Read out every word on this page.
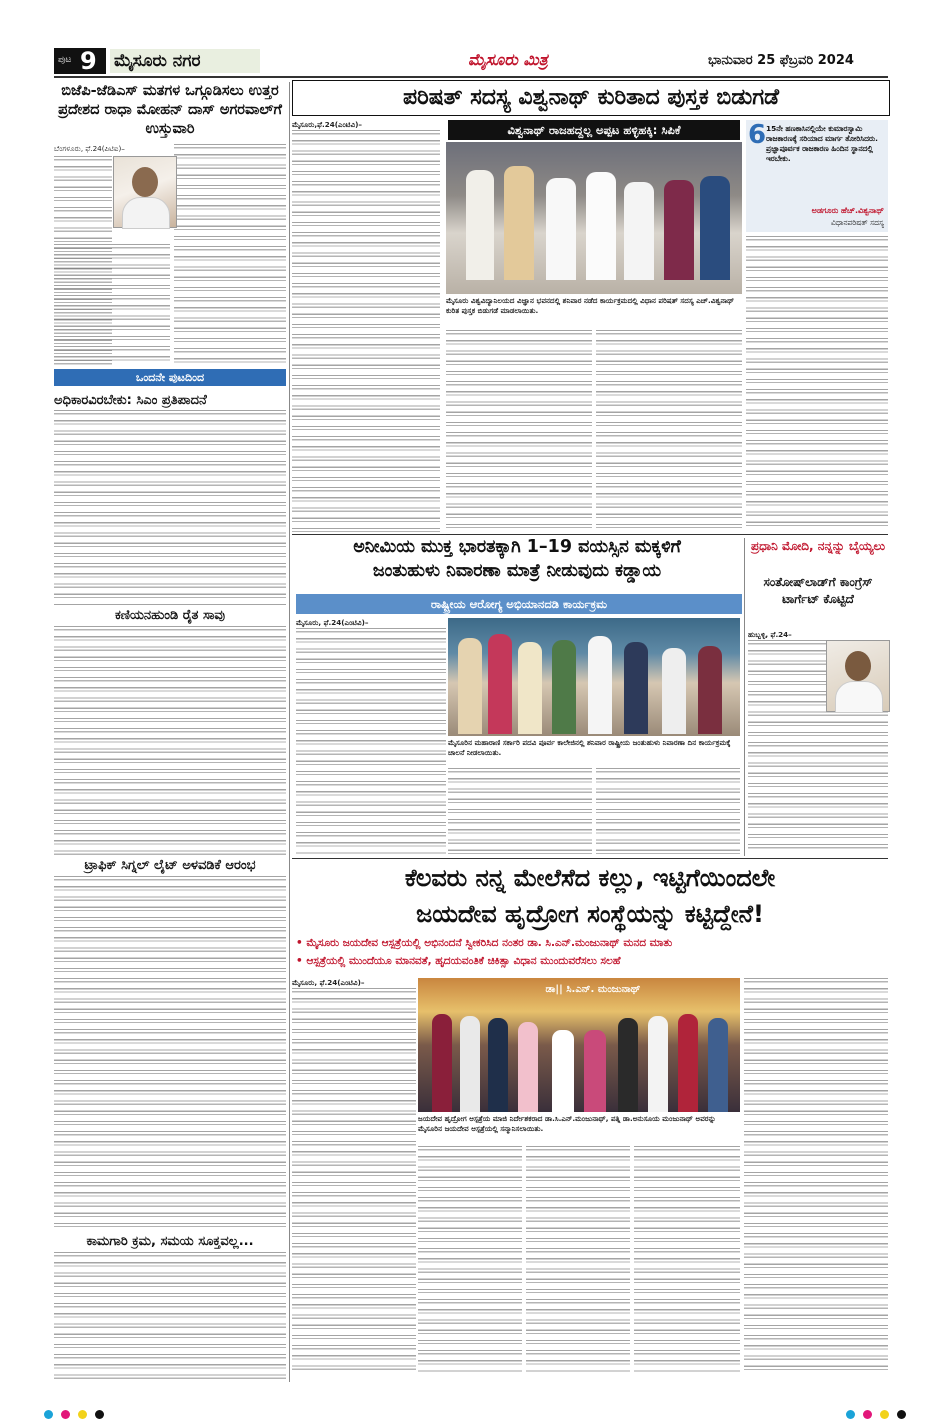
ಪುಟ 9 ಮೈಸೂರು ನಗರ	ಮೈಸೂರು ಮಿತ್ರ	ಭಾನುವಾರ 25 ಫೆಬ್ರವರಿ 2024
ಬಿಜೆಪಿ-ಜೆಡಿಎಸ್ ಮತಗಳ ಒಗ್ಗೂಡಿಸಲು ಉತ್ತರ ಪ್ರದೇಶದ ರಾಧಾ ಮೋಹನ್ ದಾಸ್ ಅಗರವಾಲ್‌ಗೆ ಉಸ್ತುವಾರಿ
ಬೆಂಗಳೂರು, ಫೆ.24(ಪಿಟಿಐ)–
ಒಂದನೇ ಪುಟದಿಂದ
ಅಧಿಕಾರವಿರಬೇಕು: ಸಿಎಂ ಪ್ರತಿಪಾದನೆ
ಕಣಿಯನಹುಂಡಿ ರೈತ ಸಾವು
ಟ್ರಾಫಿಕ್ ಸಿಗ್ನಲ್ ಲೈಟ್ ಅಳವಡಿಕೆ ಆರಂಭ
ಕಾಮಗಾರಿ ಕ್ರಮ, ಸಮಯ ಸೂಕ್ತವಲ್ಲ...
ಪರಿಷತ್ ಸದಸ್ಯ ವಿಶ್ವನಾಥ್ ಕುರಿತಾದ ಪುಸ್ತಕ ಬಿಡುಗಡೆ
ಮೈಸೂರು,ಫೆ.24(ಎಂಟಿವಿ)–	ವಿಶ್ವನಾಥ್ ರಾಜಹದ್ದಲ್ಲ ಅಪ್ಪಟ ಹಳ್ಳಿಹಕ್ಕಿ: ಸಿಪಿಕೆ
ಮೈಸೂರು ವಿಶ್ವವಿದ್ಯಾನಿಲಯದ ವಿಜ್ಞಾನ ಭವನದಲ್ಲಿ ಶನಿವಾರ ನಡೆದ ಕಾರ್ಯಕ್ರಮದಲ್ಲಿ ವಿಧಾನ ಪರಿಷತ್ ಸದಸ್ಯ ಎಚ್.ವಿಶ್ವನಾಥ್ ಕುರಿತ ಪುಸ್ತಕ ಬಿಡುಗಡೆ ಮಾಡಲಾಯಿತು.
6 15ನೇ ಹಣಕಾಸಿನಲ್ಲಿಯೇ ಕುಮಾರಸ್ವಾಮಿ ರಾಜಕಾರಣಕ್ಕೆ ಸರಿಯಾದ ಮಾರ್ಗ ತೋರಿಸಿದರು. ಪ್ರಜ್ಞಾಪೂರ್ವಕ ರಾಜಕಾರಣ ಹಿಂದಿನ ಸ್ಥಾನದಲ್ಲಿ ಇರಬೇಕು.
ಅಡಗೂರು ಹೆಚ್.ವಿಶ್ವನಾಥ್
ವಿಧಾನಪರಿಷತ್ ಸದಸ್ಯ
ಅನೀಮಿಯ ಮುಕ್ತ ಭಾರತಕ್ಕಾಗಿ 1–19 ವಯಸ್ಸಿನ ಮಕ್ಕಳಿಗೆ
ಜಂತುಹುಳು ನಿವಾರಣಾ ಮಾತ್ರೆ ನೀಡುವುದು ಕಡ್ಡಾಯ
ರಾಷ್ಟ್ರೀಯ ಆರೋಗ್ಯ ಅಭಿಯಾನದಡಿ ಕಾರ್ಯಕ್ರಮ
ಮೈಸೂರು, ಫೆ.24(ಎಂಟಿವಿ)–
ಮೈಸೂರಿನ ಮಹಾರಾಣಿ ಸರ್ಕಾರಿ ಪದವಿ ಪೂರ್ವ ಕಾಲೇಜಿನಲ್ಲಿ ಶನಿವಾರ ರಾಷ್ಟ್ರೀಯ ಜಂತುಹುಳು ನಿವಾರಣಾ ದಿನ ಕಾರ್ಯಕ್ರಮಕ್ಕೆ ಚಾಲನೆ ನೀಡಲಾಯಿತು.
ಪ್ರಧಾನಿ ಮೋದಿ, ನನ್ನನ್ನು ಬೈಯ್ಯಲು
ಸಂತೋಷ್‌ಲಾಡ್‌ಗೆ ಕಾಂಗ್ರೆಸ್ ಟಾರ್ಗೆಟ್ ಕೊಟ್ಟಿದೆ
ಹುಬ್ಬಳ್ಳಿ, ಫೆ.24–
ಕೆಲವರು ನನ್ನ ಮೇಲೆಸೆದ ಕಲ್ಲು, ಇಟ್ಟಿಗೆಯಿಂದಲೇ
ಜಯದೇವ ಹೃದ್ರೋಗ ಸಂಸ್ಥೆಯನ್ನು ಕಟ್ಟಿದ್ದೇನೆ!
• ಮೈಸೂರು ಜಯದೇವ ಆಸ್ಪತ್ರೆಯಲ್ಲಿ ಅಭಿನಂದನೆ ಸ್ವೀಕರಿಸಿದ ನಂತರ ಡಾ. ಸಿ.ಎನ್.ಮಂಜುನಾಥ್ ಮನದ ಮಾತು
• ಆಸ್ಪತ್ರೆಯಲ್ಲಿ ಮುಂದೆಯೂ ಮಾನವತೆ, ಹೃದಯವಂತಿಕೆ ಚಿಕಿತ್ಸಾ ವಿಧಾನ ಮುಂದುವರೆಸಲು ಸಲಹೆ
ಮೈಸೂರು, ಫೆ.24(ಎಂಟಿವಿ)–
ಡಾ|| ಸಿ.ಎನ್. ಮಂಜುನಾಥ್
ಜಯದೇವ ಹೃದ್ರೋಗ ಆಸ್ಪತ್ರೆಯ ಮಾಜಿ ನಿರ್ದೇಶಕರಾದ ಡಾ.ಸಿ.ಎನ್.ಮಂಜುನಾಥ್, ಪತ್ನಿ ಡಾ.ಅನುಸೂಯ ಮಂಜುನಾಥ್ ಅವರನ್ನು ಮೈಸೂರಿನ ಜಯದೇವ ಆಸ್ಪತ್ರೆಯಲ್ಲಿ ಸನ್ಮಾನಿಸಲಾಯಿತು.
